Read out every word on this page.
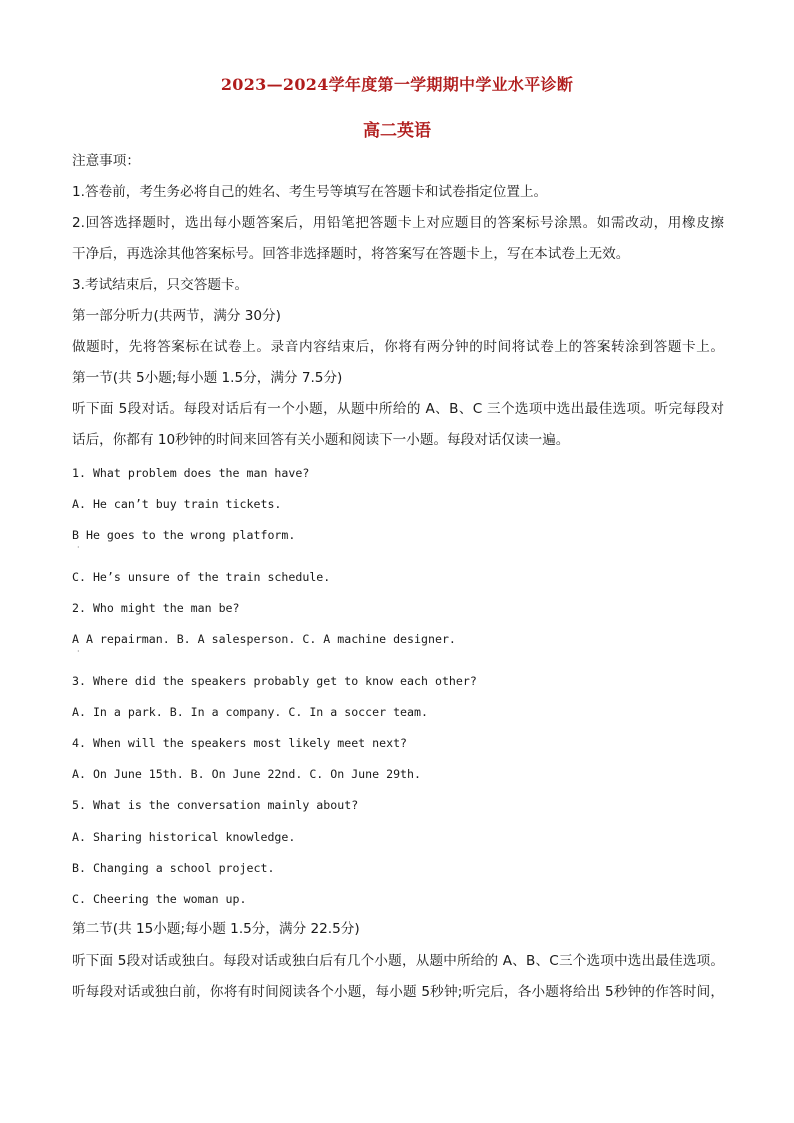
2023—2024学年度第一学期期中学业水平诊断
高二英语
注意事项：
1.答卷前，考生务必将自己的姓名、考生号等填写在答题卡和试卷指定位置上。
2.回答选择题时，选出每小题答案后，用铅笔把答题卡上对应题目的答案标号涂黑。如需改动，用橡皮擦
干净后，再选涂其他答案标号。回答非选择题时，将答案写在答题卡上，写在本试卷上无效。
3.考试结束后，只交答题卡。
第一部分听力(共两节，满分 30分)
做题时，先将答案标在试卷上。录音内容结束后，你将有两分钟的时间将试卷上的答案转涂到答题卡上。
第一节(共 5小题;每小题 1.5分，满分 7.5分)
听下面 5段对话。每段对话后有一个小题，从题中所给的 A、B、C 三个选项中选出最佳选项。听完每段对
话后，你都有 10秒钟的时间来回答有关小题和阅读下一小题。每段对话仅读一遍。
1. What problem does the man have?
A. He can’t buy train tickets.
B He goes to the wrong platform.
·
C. He’s unsure of the train schedule.
2. Who might the man be?
A A repairman. B. A salesperson. C. A machine designer.
·
3. Where did the speakers probably get to know each other?
A. In a park. B. In a company. C. In a soccer team.
4. When will the speakers most likely meet next?
A. On June 15th. B. On June 22nd. C. On June 29th.
5. What is the conversation mainly about?
A. Sharing historical knowledge.
B. Changing a school project.
C. Cheering the woman up.
第二节(共 15小题;每小题 1.5分，满分 22.5分)
听下面 5段对话或独白。每段对话或独白后有几个小题，从题中所给的 A、B、C三个选项中选出最佳选项。
听每段对话或独白前，你将有时间阅读各个小题，每小题 5秒钟;听完后，各小题将给出 5秒钟的作答时间，
